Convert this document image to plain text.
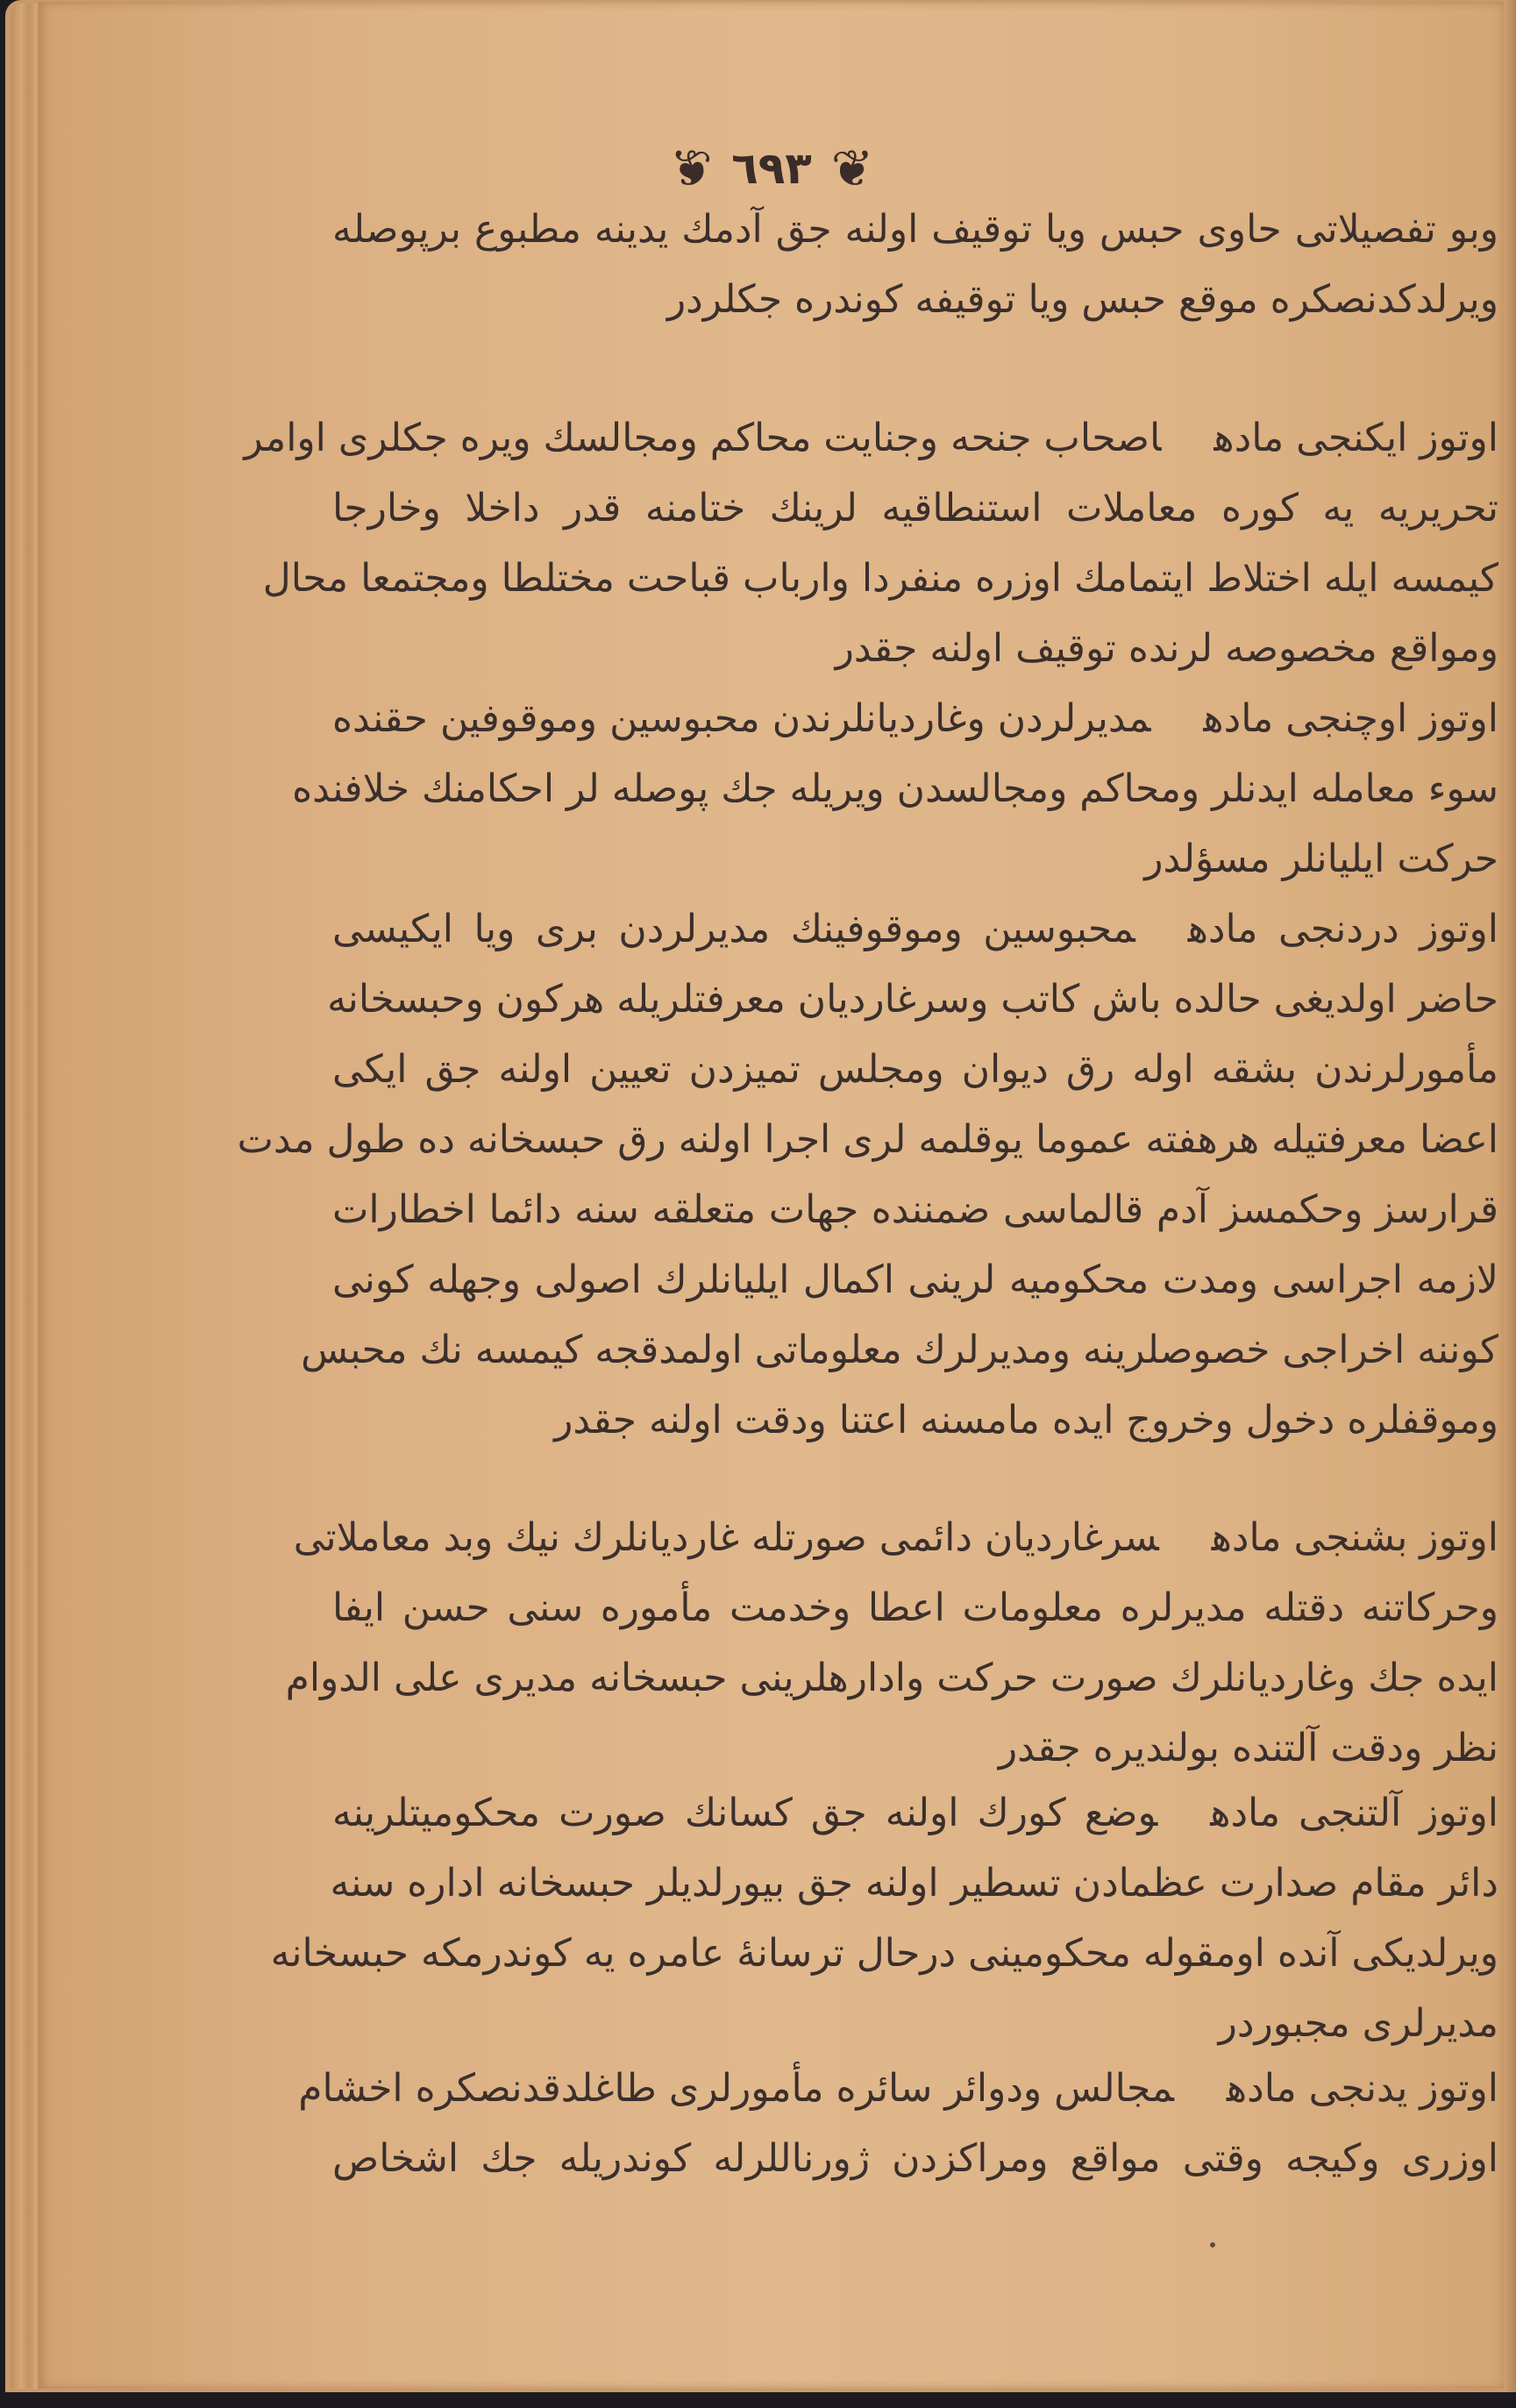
❦ ٦٩٣ ❦
وبو تفصيلاتى حاوى حبس ويا توقيف اولنه جق آدمك يدينه مطبوع برپوصله
ويرلدكدنصكره موقع حبس ويا توقيفه كوندره جكلردر
اوتوز ايكنجى مادهاصحاب جنحه وجنايت محاكم ومجالسك ويره جكلرى اوامر
تحريريه يه كوره معاملات استنطاقيه لرينك ختامنه قدر داخلا وخارجا
كيمسه ايله اختلاط ايتمامك اوزره منفردا وارباب قباحت مختلطا ومجتمعا محال
ومواقع مخصوصه لرنده توقيف اولنه جقدر
اوتوز اوچنجى مادهمديرلردن وغارديانلرندن محبوسين وموقوفين حقنده
سوء معامله ايدنلر ومحاكم ومجالسدن ويريله جك پوصله لر احكامنك خلافنده
حركت ايليانلر مسؤلدر
اوتوز دردنجى مادهمحبوسين وموقوفينك مديرلردن برى ويا ايكيسى
حاضر اولديغى حالده باش كاتب وسرغارديان معرفتلريله هركون وحبسخانه
مأمورلرندن بشقه اوله رق ديوان ومجلس تميزدن تعيين اولنه جق ايكى
اعضا معرفتيله هرهفته عموما يوقلمه لرى اجرا اولنه رق حبسخانه ده طول مدت
قرارسز وحكمسز آدم قالماسى ضمننده جهات متعلقه سنه دائما اخطارات
لازمه اجراسى ومدت محكوميه لرينى اكمال ايليانلرك اصولى وجهله كونى
كوننه اخراجى خصوصلرينه ومديرلرك معلوماتى اولمدقجه كيمسه نك محبس
وموقفلره دخول وخروج ايده مامسنه اعتنا ودقت اولنه جقدر
اوتوز بشنجى مادهسرغارديان دائمى صورتله غارديانلرك نيك وبد معاملاتى
وحركاتنه دقتله مديرلره معلومات اعطا وخدمت مأموره سنى حسن ايفا
ايده جك وغارديانلرك صورت حركت وادارهلرينى حبسخانه مديرى على الدوام
نظر ودقت آلتنده بولنديره جقدر
اوتوز آلتنجى مادهوضع كورك اولنه جق كسانك صورت محكوميتلرينه
دائر مقام صدارت عظمادن تسطير اولنه جق بيورلديلر حبسخانه اداره سنه
ويرلديكى آنده اومقوله محكومينى درحال ترسانهٔ عامره يه كوندرمكه حبسخانه
مديرلرى مجبوردر
اوتوز يدنجى مادهمجالس ودوائر سائره مأمورلرى طاغلدقدنصكره اخشام
اوزرى وكيجه وقتى مواقع ومراكزدن ژورناللرله كوندريله جك اشخاص
